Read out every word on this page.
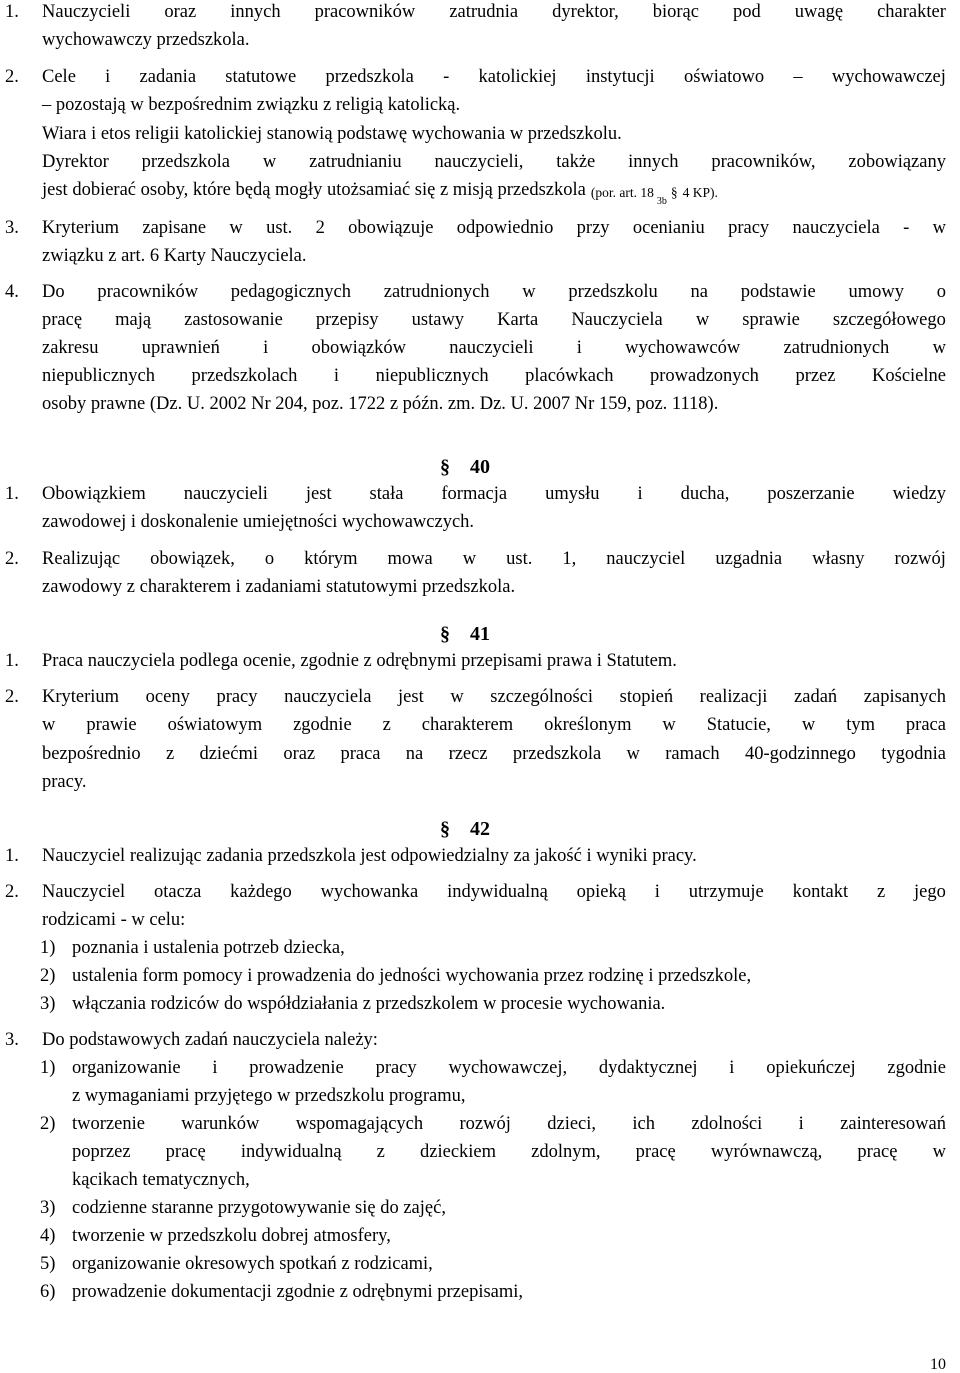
1. Nauczycieli oraz innych pracowników zatrudnia dyrektor, biorąc pod uwagę charakter
wychowawczy przedszkola.
2. Cele i zadania statutowe przedszkola - katolickiej instytucji oświatowo – wychowawczej
– pozostają w bezpośrednim związku z religią katolicką.
Wiara i etos religii katolickiej stanowią podstawę wychowania w przedszkolu.
Dyrektor przedszkola w zatrudnianiu nauczycieli, także innych pracowników, zobowiązany
jest dobierać osoby, które będą mogły utożsamiać się z misją przedszkola (por. art. 18
$_{3b}$
§ 4 KP).
3. Kryterium zapisane w ust. 2 obowiązuje odpowiednio przy ocenianiu pracy nauczyciela - w
związku z art. 6 Karty Nauczyciela.
4. Do pracowników pedagogicznych zatrudnionych w przedszkolu na podstawie umowy o
pracę mają zastosowanie przepisy ustawy Karta Nauczyciela w sprawie szczegółowego
zakresu uprawnień i obowiązków nauczycieli i wychowawców zatrudnionych w
niepublicznych przedszkolach i niepublicznych placówkach prowadzonych przez Kościelne
osoby prawne (Dz. U. 2002 Nr 204, poz. 1722 z późn. zm. Dz. U. 2007 Nr 159, poz. 1118).
§ 40
1. Obowiązkiem nauczycieli jest stała formacja umysłu i ducha, poszerzanie wiedzy
zawodowej i doskonalenie umiejętności wychowawczych.
2. Realizując obowiązek, o którym mowa w ust. 1, nauczyciel uzgadnia własny rozwój
zawodowy z charakterem i zadaniami statutowymi przedszkola.
§ 41
1. Praca nauczyciela podlega ocenie, zgodnie z odrębnymi przepisami prawa i Statutem.
2. Kryterium oceny pracy nauczyciela jest w szczególności stopień realizacji zadań zapisanych
w prawie oświatowym zgodnie z charakterem określonym w Statucie, w tym praca
bezpośrednio z dziećmi oraz praca na rzecz przedszkola w ramach 40-godzinnego tygodnia
pracy.
§ 42
1. Nauczyciel realizując zadania przedszkola jest odpowiedzialny za jakość i wyniki pracy.
2. Nauczyciel otacza każdego wychowanka indywidualną opieką i utrzymuje kontakt z jego
rodzicami - w celu:
1) poznania i ustalenia potrzeb dziecka,
2) ustalenia form pomocy i prowadzenia do jedności wychowania przez rodzinę i przedszkole,
3) włączania rodziców do współdziałania z przedszkolem w procesie wychowania.
3. Do podstawowych zadań nauczyciela należy:
1) organizowanie i prowadzenie pracy wychowawczej, dydaktycznej i opiekuńczej zgodnie
z wymaganiami przyjętego w przedszkolu programu,
2) tworzenie warunków wspomagających rozwój dzieci, ich zdolności i zainteresowań
poprzez pracę indywidualną z dzieckiem zdolnym, pracę wyrównawczą, pracę w
kącikach tematycznych,
3) codzienne staranne przygotowywanie się do zajęć,
4) tworzenie w przedszkolu dobrej atmosfery,
5) organizowanie okresowych spotkań z rodzicami,
6) prowadzenie dokumentacji zgodnie z odrębnymi przepisami,
10
